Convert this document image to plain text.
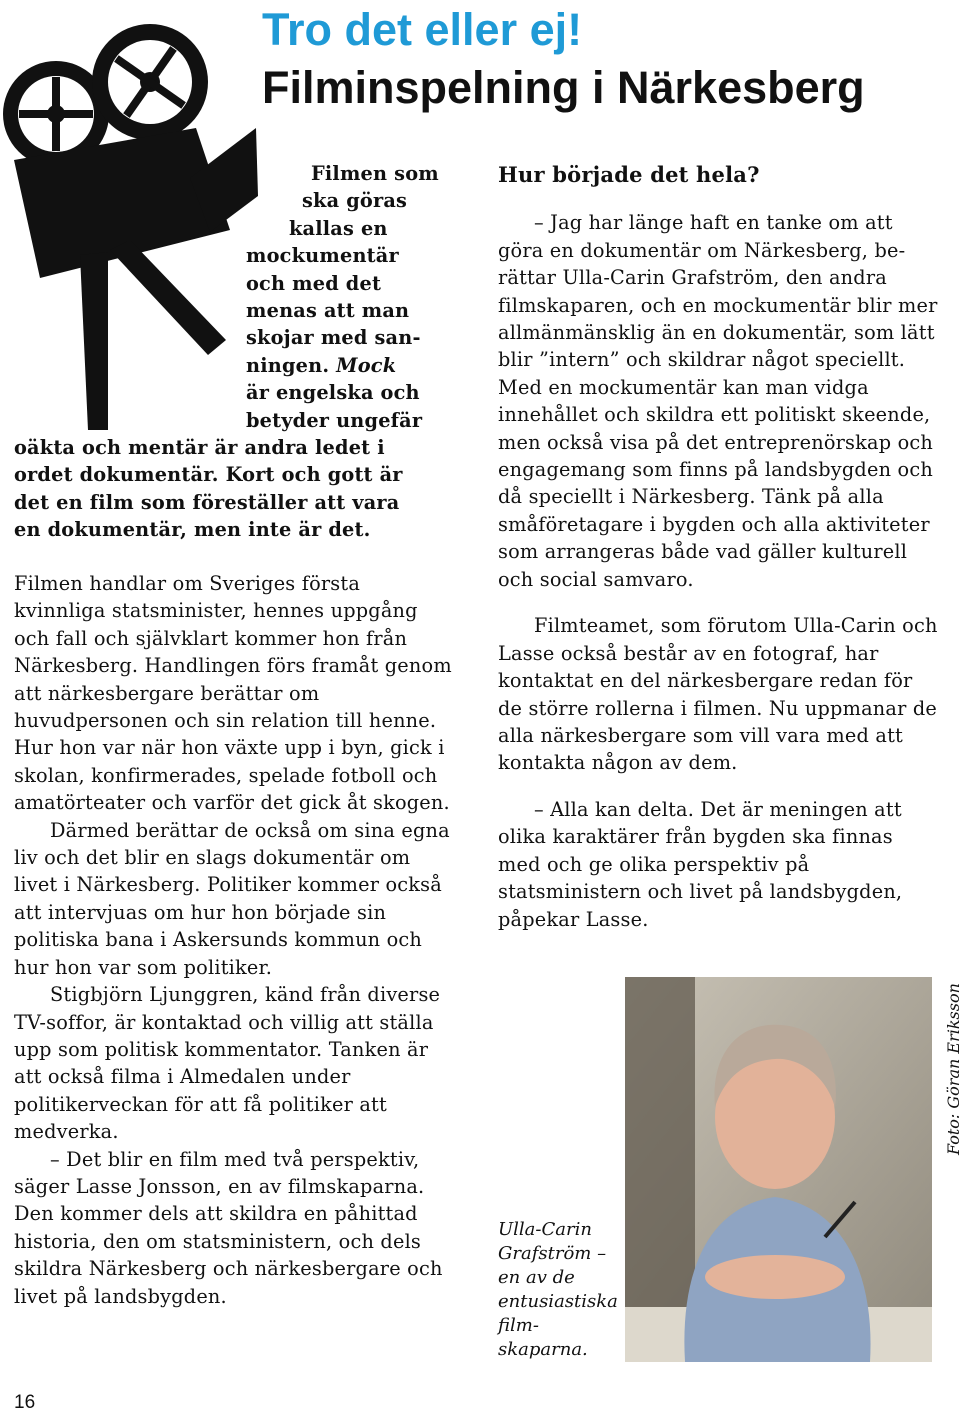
Tro det eller ej!
Filminspelning i Närkesberg
Filmen som
ska göras
kallas en
mockumentär
och med det
menas att man
skojar med san-
ningen. Mock
är engelska och
betyder ungefär
oäkta och mentär är andra ledet i
ordet dokumentär. Kort och gott är
det en film som föreställer att vara
en dokumentär, men inte är det.

Filmen handlar om Sveriges första kvinnliga statsminister, hennes uppgång och fall och självklart kommer hon från Närkesberg. Handlingen förs framåt genom att närkesbergare berättar om huvudpersonen och sin relation till henne. Hur hon var när hon växte upp i byn, gick i skolan, konfirmerades, spelade fotboll och amatörteater och varför det gick åt skogen.

Därmed berättar de också om sina egna liv och det blir en slags dokumentär om livet i Närkesberg. Politiker kommer också att intervjuas om hur hon började sin politiska bana i Askersunds kommun och hur hon var som politiker.

Stigbjörn Ljunggren, känd från diverse TV-soffor, är kontaktad och villig att ställa upp som politisk kommentator. Tanken är att också filma i Almedalen under politikerveckan för att få politiker att medverka.

– Det blir en film med två perspektiv, säger Lasse Jonsson, en av filmskaparna. Den kommer dels att skildra en påhittad historia, den om statsministern, och dels skildra Närkesberg och närkesbergare och livet på landsbygden.

Hur började det hela?

– Jag har länge haft en tanke om att göra en dokumentär om Närkesberg, berättar Ulla-Carin Grafström, den andra filmskaparen, och en mockumentär blir mer allmänmänsklig än en dokumentär, som lätt blir ”intern” och skildrar något speciellt. Med en mockumentär kan man vidga innehållet och skildra ett politiskt skeende, men också visa på det entreprenörskap och engagemang som finns på landsbygden och då speciellt i Närkesberg. Tänk på alla småföretagare i bygden och alla aktiviteter som arrangeras både vad gäller kulturell och social samvaro.

Filmteamet, som förutom Ulla-Carin och Lasse också består av en fotograf, har kontaktat en del närkesbergare redan för de större rollerna i filmen. Nu uppmanar de alla närkesbergare som vill vara med att kontakta någon av dem.

– Alla kan delta. Det är meningen att olika karaktärer från bygden ska finnas med och ge olika perspektiv på statsministern och livet på landsbygden, påpekar Lasse.

Ulla-Carin Grafström – en av de entusiastiska filmskaparna.
Foto: Göran Eriksson
16
